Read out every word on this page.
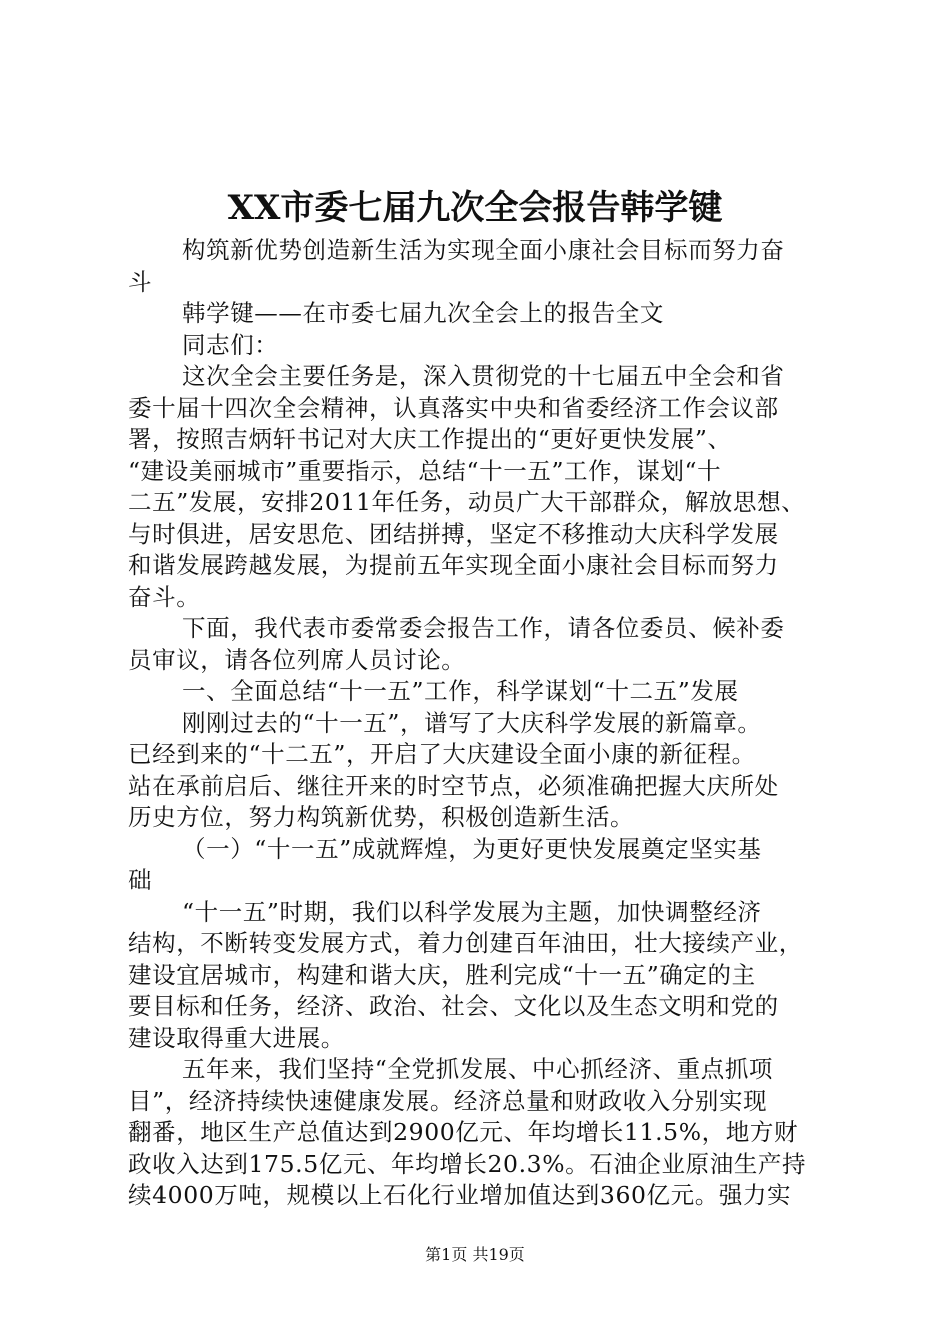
XX市委七届九次全会报告韩学键
构筑新优势创造新生活为实现全面小康社会目标而努力奋
斗
韩学键——在市委七届九次全会上的报告全文
同志们：
这次全会主要任务是，深入贯彻党的十七届五中全会和省
委十届十四次全会精神，认真落实中央和省委经济工作会议部
署，按照吉炳轩书记对大庆工作提出的“更好更快发展”、
“建设美丽城市”重要指示，总结“十一五”工作，谋划“十
二五”发展，安排2011年任务，动员广大干部群众，解放思想、
与时俱进，居安思危、团结拼搏，坚定不移推动大庆科学发展
和谐发展跨越发展，为提前五年实现全面小康社会目标而努力
奋斗。
下面，我代表市委常委会报告工作，请各位委员、候补委
员审议，请各位列席人员讨论。
一、全面总结“十一五”工作，科学谋划“十二五”发展
刚刚过去的“十一五”，谱写了大庆科学发展的新篇章。
已经到来的“十二五”，开启了大庆建设全面小康的新征程。
站在承前启后、继往开来的时空节点，必须准确把握大庆所处
历史方位，努力构筑新优势，积极创造新生活。
（一）“十一五”成就辉煌，为更好更快发展奠定坚实基
础
“十一五”时期，我们以科学发展为主题，加快调整经济
结构，不断转变发展方式，着力创建百年油田，壮大接续产业，
建设宜居城市，构建和谐大庆，胜利完成“十一五”确定的主
要目标和任务，经济、政治、社会、文化以及生态文明和党的
建设取得重大进展。
五年来，我们坚持“全党抓发展、中心抓经济、重点抓项
目”，经济持续快速健康发展。经济总量和财政收入分别实现
翻番，地区生产总值达到2900亿元、年均增长11.5%，地方财
政收入达到175.5亿元、年均增长20.3%。石油企业原油生产持
续4000万吨，规模以上石化行业增加值达到360亿元。强力实
第1页 共19页
